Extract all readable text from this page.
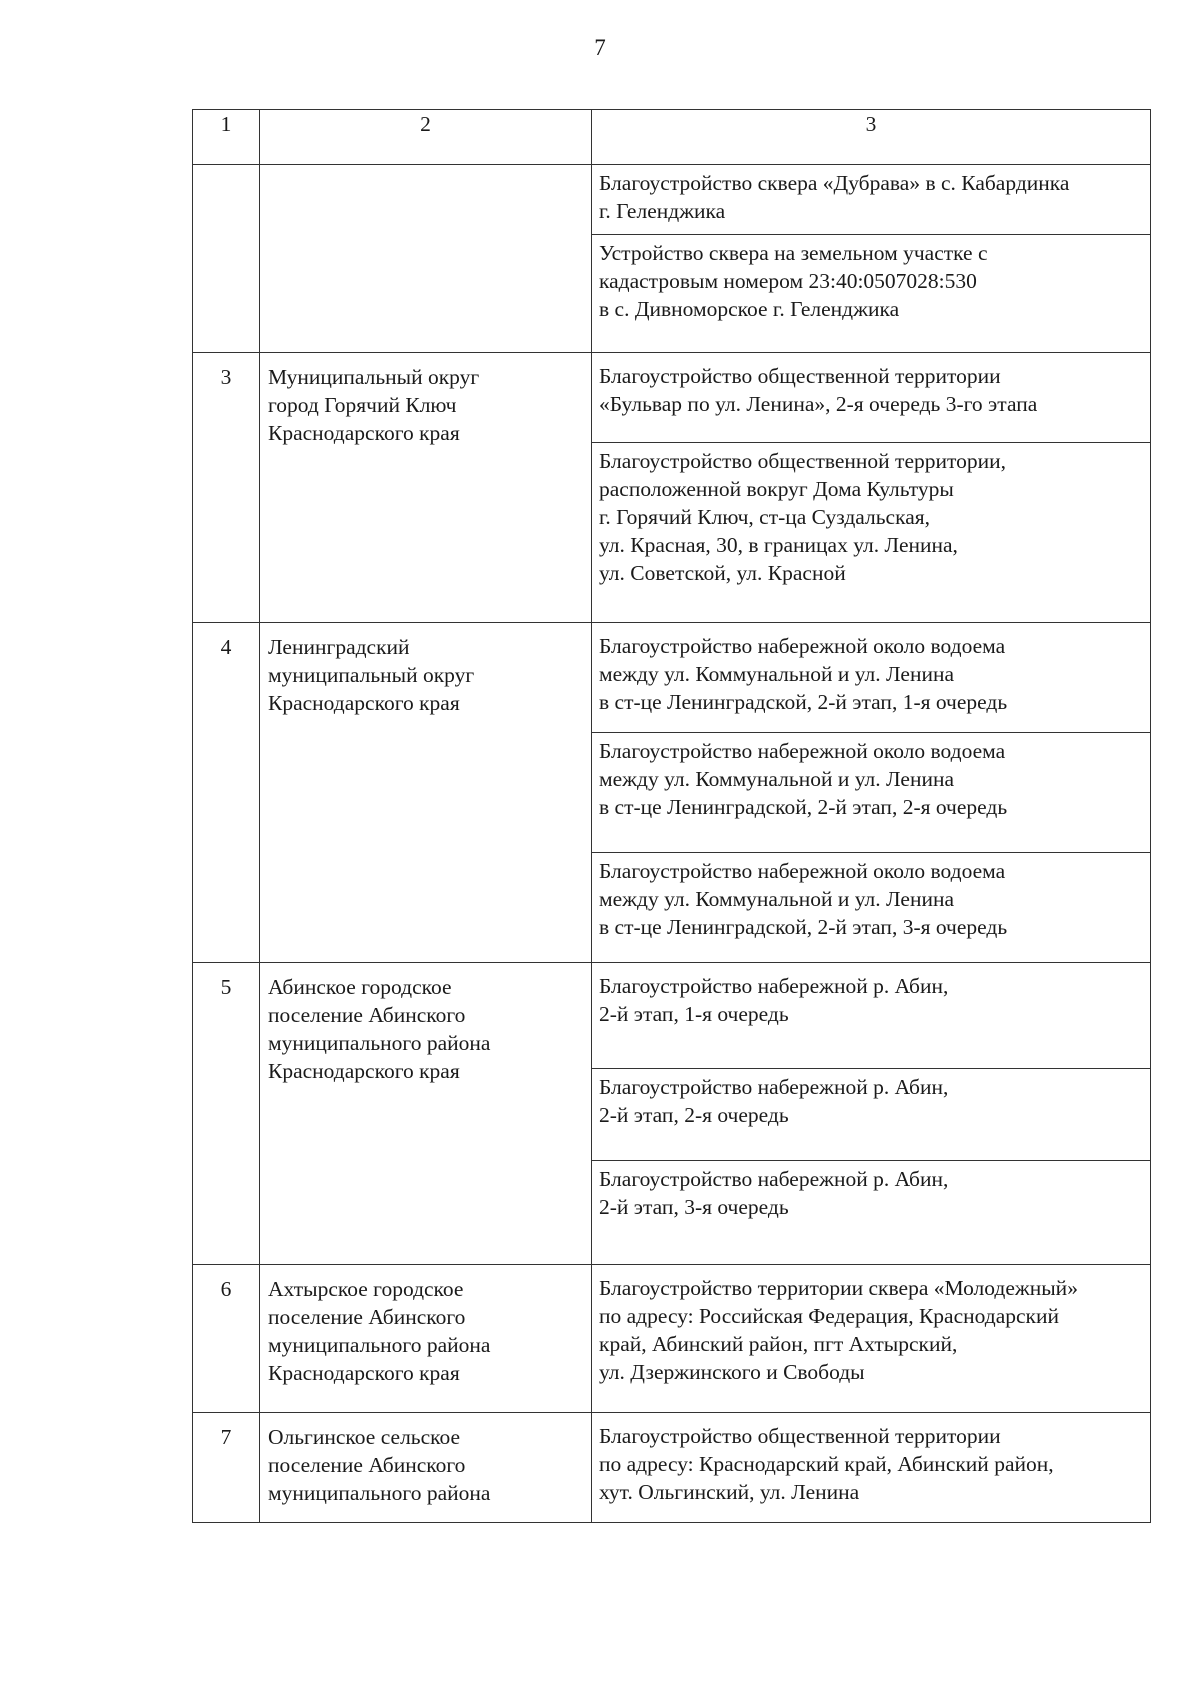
7
1	2	3
		Благоустройство сквера «Дубрава» в с. Кабардинка
г. Геленджика
		Устройство сквера на земельном участке с
кадастровым номером 23:40:0507028:530
в с. Дивноморское г. Геленджика
3	Муниципальный округ
город Горячий Ключ
Краснодарского края	Благоустройство общественной территории
«Бульвар по ул. Ленина», 2-я очередь 3-го этапа
		Благоустройство общественной территории,
расположенной вокруг Дома Культуры
г. Горячий Ключ, ст-ца Суздальская,
ул. Красная, 30, в границах ул. Ленина,
ул. Советской, ул. Красной
4	Ленинградский
муниципальный округ
Краснодарского края	Благоустройство набережной около водоема
между ул. Коммунальной и ул. Ленина
в ст-це Ленинградской, 2-й этап, 1-я очередь
		Благоустройство набережной около водоема
между ул. Коммунальной и ул. Ленина
в ст-це Ленинградской, 2-й этап, 2-я очередь
		Благоустройство набережной около водоема
между ул. Коммунальной и ул. Ленина
в ст-це Ленинградской, 2-й этап, 3-я очередь
5	Абинское городское
поселение Абинского
муниципального района
Краснодарского края	Благоустройство набережной р. Абин,
2-й этап, 1-я очередь
		Благоустройство набережной р. Абин,
2-й этап, 2-я очередь
		Благоустройство набережной р. Абин,
2-й этап, 3-я очередь
6	Ахтырское городское
поселение Абинского
муниципального района
Краснодарского края	Благоустройство территории сквера «Молодежный»
по адресу: Российская Федерация, Краснодарский
край, Абинский район, пгт Ахтырский,
ул. Дзержинского и Свободы
7	Ольгинское сельское
поселение Абинского
муниципального района	Благоустройство общественной территории
по адресу: Краснодарский край, Абинский район,
хут. Ольгинский, ул. Ленина
